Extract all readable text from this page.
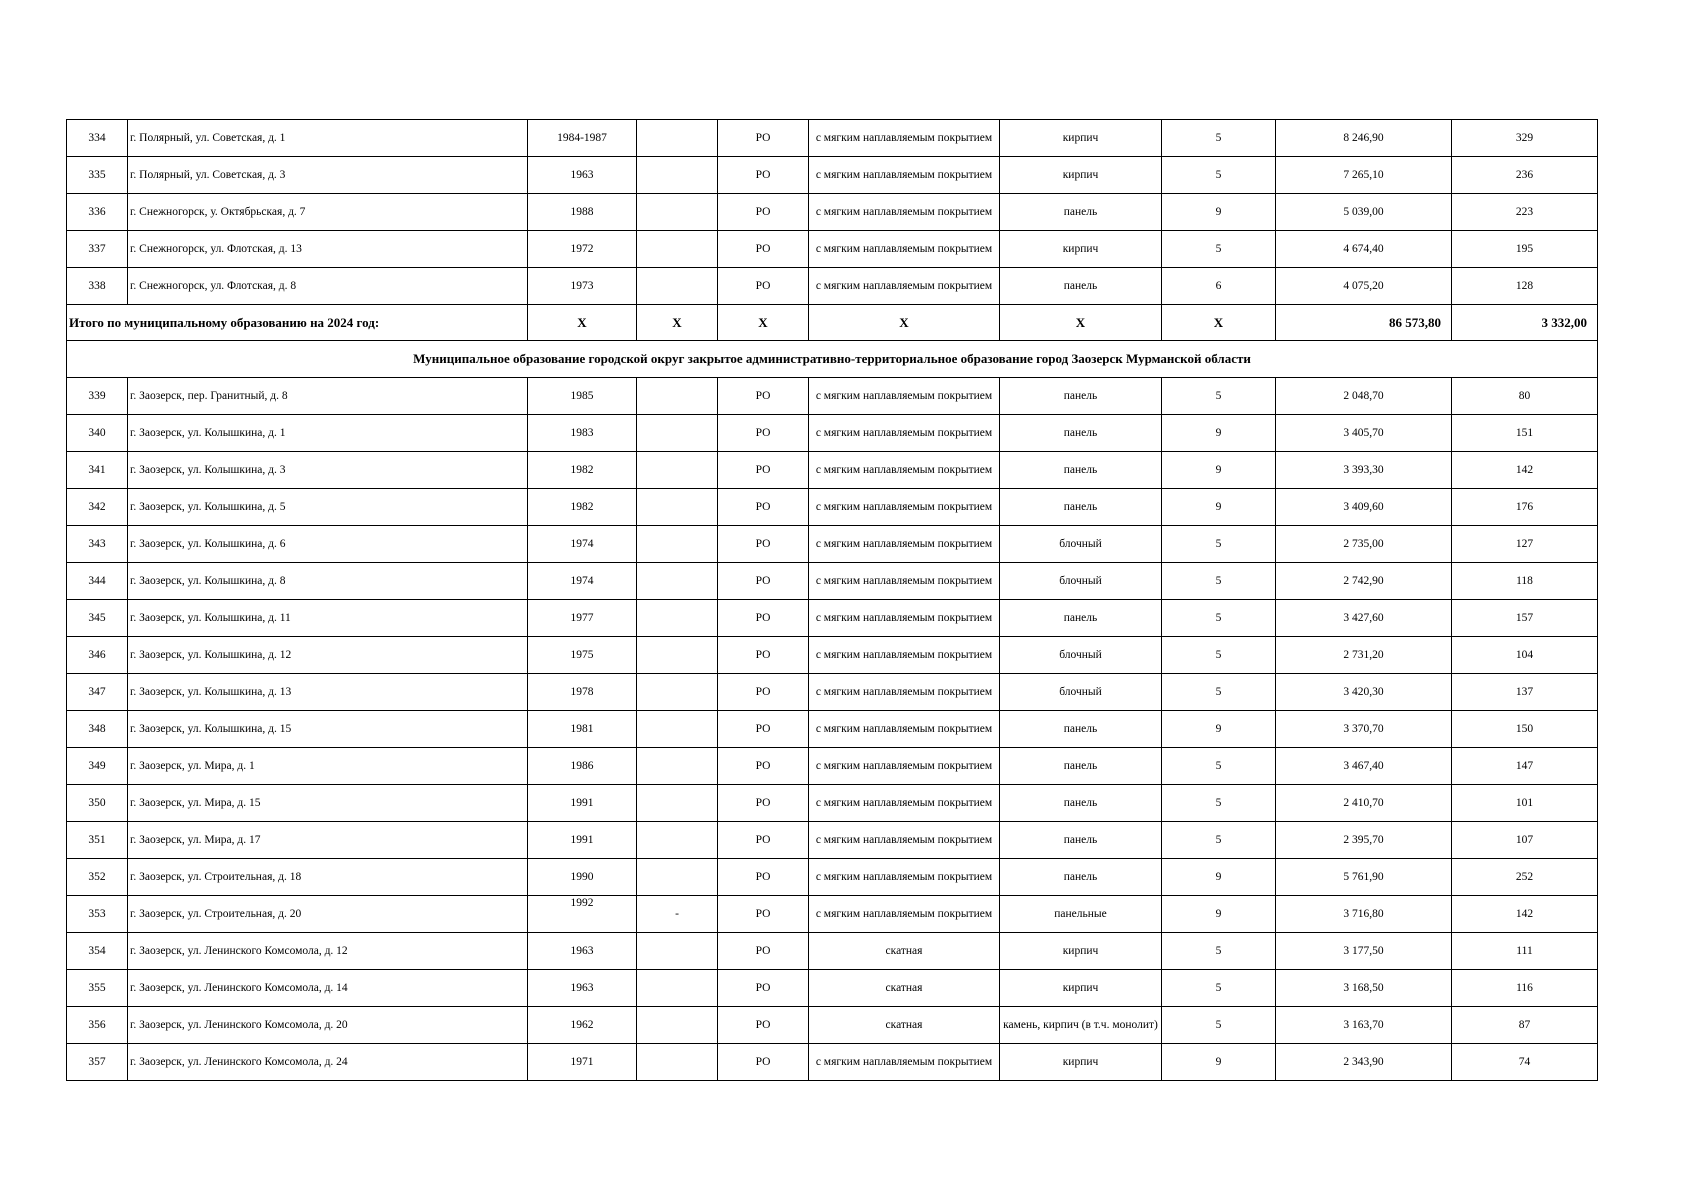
334	г. Полярный, ул. Советская, д. 1	1984-1987		РО	с мягким наплавляемым покрытием	кирпич	5	8 246,90	329
335	г. Полярный, ул. Советская, д. 3	1963		РО	с мягким наплавляемым покрытием	кирпич	5	7 265,10	236
336	г. Снежногорск, у. Октябрьская, д. 7	1988		РО	с мягким наплавляемым покрытием	панель	9	5 039,00	223
337	г. Снежногорск, ул. Флотская, д. 13	1972		РО	с мягким наплавляемым покрытием	кирпич	5	4 674,40	195
338	г. Снежногорск, ул. Флотская, д. 8	1973		РО	с мягким наплавляемым покрытием	панель	6	4 075,20	128
Итого по муниципальному образованию на 2024 год:		X	X	X	X	X	X	86 573,80	3 332,00
Муниципальное образование городской округ закрытое административно-территориальное образование город Заозерск Мурманской области									
339	г. Заозерск, пер. Гранитный, д. 8	1985		РО	с мягким наплавляемым покрытием	панель	5	2 048,70	80
340	г. Заозерск, ул. Колышкина, д. 1	1983		РО	с мягким наплавляемым покрытием	панель	9	3 405,70	151
341	г. Заозерск, ул. Колышкина, д. 3	1982		РО	с мягким наплавляемым покрытием	панель	9	3 393,30	142
342	г. Заозерск, ул. Колышкина, д. 5	1982		РО	с мягким наплавляемым покрытием	панель	9	3 409,60	176
343	г. Заозерск, ул. Колышкина, д. 6	1974		РО	с мягким наплавляемым покрытием	блочный	5	2 735,00	127
344	г. Заозерск, ул. Колышкина, д. 8	1974		РО	с мягким наплавляемым покрытием	блочный	5	2 742,90	118
345	г. Заозерск, ул. Колышкина, д. 11	1977		РО	с мягким наплавляемым покрытием	панель	5	3 427,60	157
346	г. Заозерск, ул. Колышкина, д. 12	1975		РО	с мягким наплавляемым покрытием	блочный	5	2 731,20	104
347	г. Заозерск, ул. Колышкина, д. 13	1978		РО	с мягким наплавляемым покрытием	блочный	5	3 420,30	137
348	г. Заозерск, ул. Колышкина, д. 15	1981		РО	с мягким наплавляемым покрытием	панель	9	3 370,70	150
349	г. Заозерск, ул. Мира, д. 1	1986		РО	с мягким наплавляемым покрытием	панель	5	3 467,40	147
350	г. Заозерск, ул. Мира, д. 15	1991		РО	с мягким наплавляемым покрытием	панель	5	2 410,70	101
351	г. Заозерск, ул. Мира, д. 17	1991		РО	с мягким наплавляемым покрытием	панель	5	2 395,70	107
352	г. Заозерск, ул. Строительная, д. 18	1990		РО	с мягким наплавляемым покрытием	панель	9	5 761,90	252
353	г. Заозерск, ул. Строительная, д. 20	1992	-	РО	с мягким наплавляемым покрытием	панельные	9	3 716,80	142
354	г. Заозерск, ул. Ленинского Комсомола, д. 12	1963		РО	скатная	кирпич	5	3 177,50	111
355	г. Заозерск, ул. Ленинского Комсомола, д. 14	1963		РО	скатная	кирпич	5	3 168,50	116
356	г. Заозерск, ул. Ленинского Комсомола, д. 20	1962		РО	скатная	камень, кирпич (в т.ч. монолит)	5	3 163,70	87
357	г. Заозерск, ул. Ленинского Комсомола, д. 24	1971		РО	с мягким наплавляемым покрытием	кирпич	9	2 343,90	74
